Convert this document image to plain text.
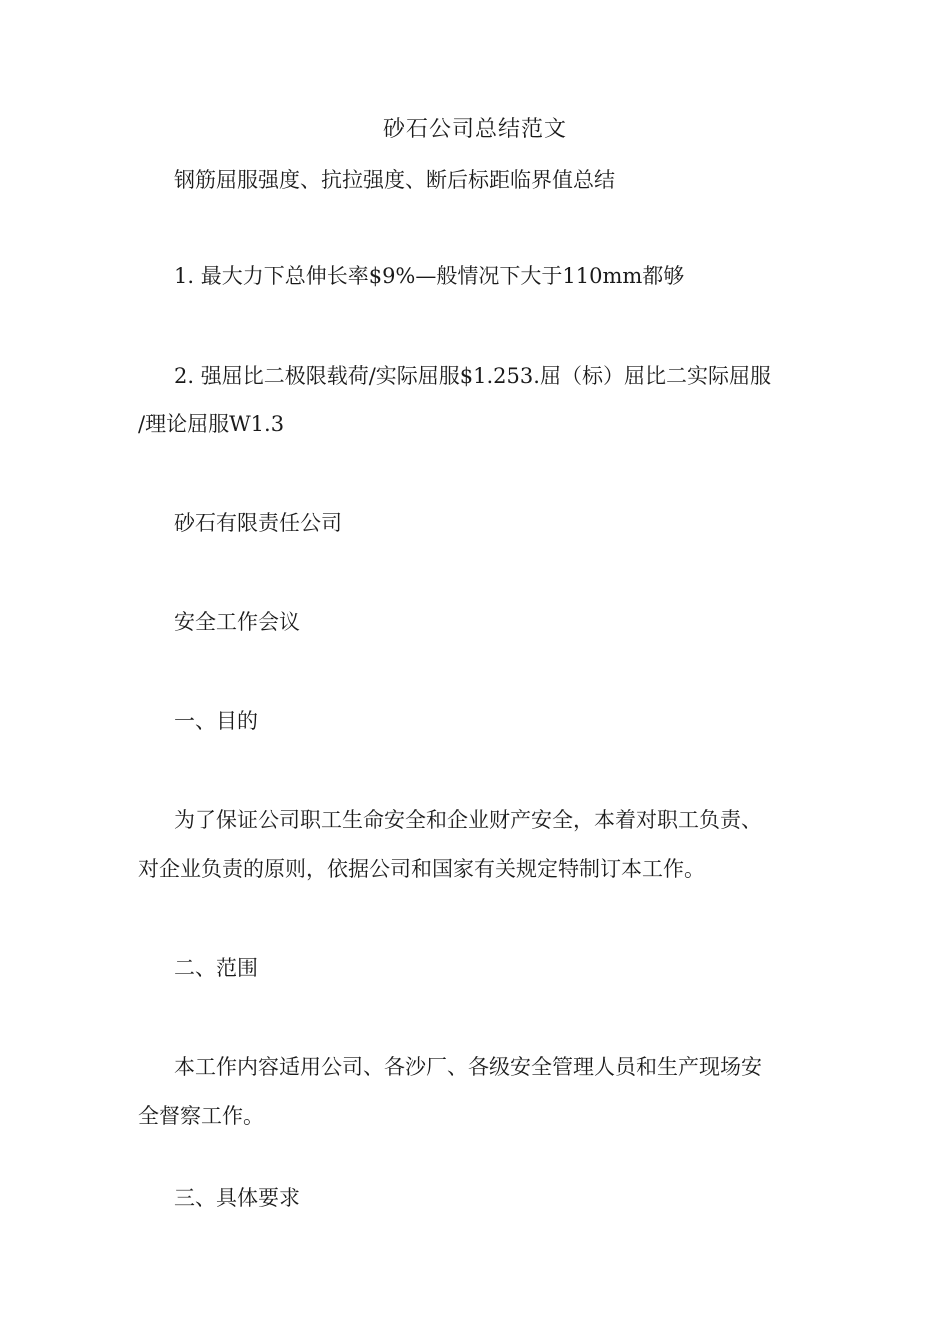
砂石公司总结范文
钢筋屈服强度、抗拉强度、断后标距临界值总结
1. 最大力下总伸长率$9%—般情况下大于110mm都够
2. 强屈比二极限载荷/实际屈服$1.253.屈（标）屈比二实际屈服
/理论屈服W1.3
砂石有限责任公司
安全工作会议
一、目的
为了保证公司职工生命安全和企业财产安全，本着对职工负责、
对企业负责的原则，依据公司和国家有关规定特制订本工作。
二、范围
本工作内容适用公司、各沙厂、各级安全管理人员和生产现场安
全督察工作。
三、具体要求
